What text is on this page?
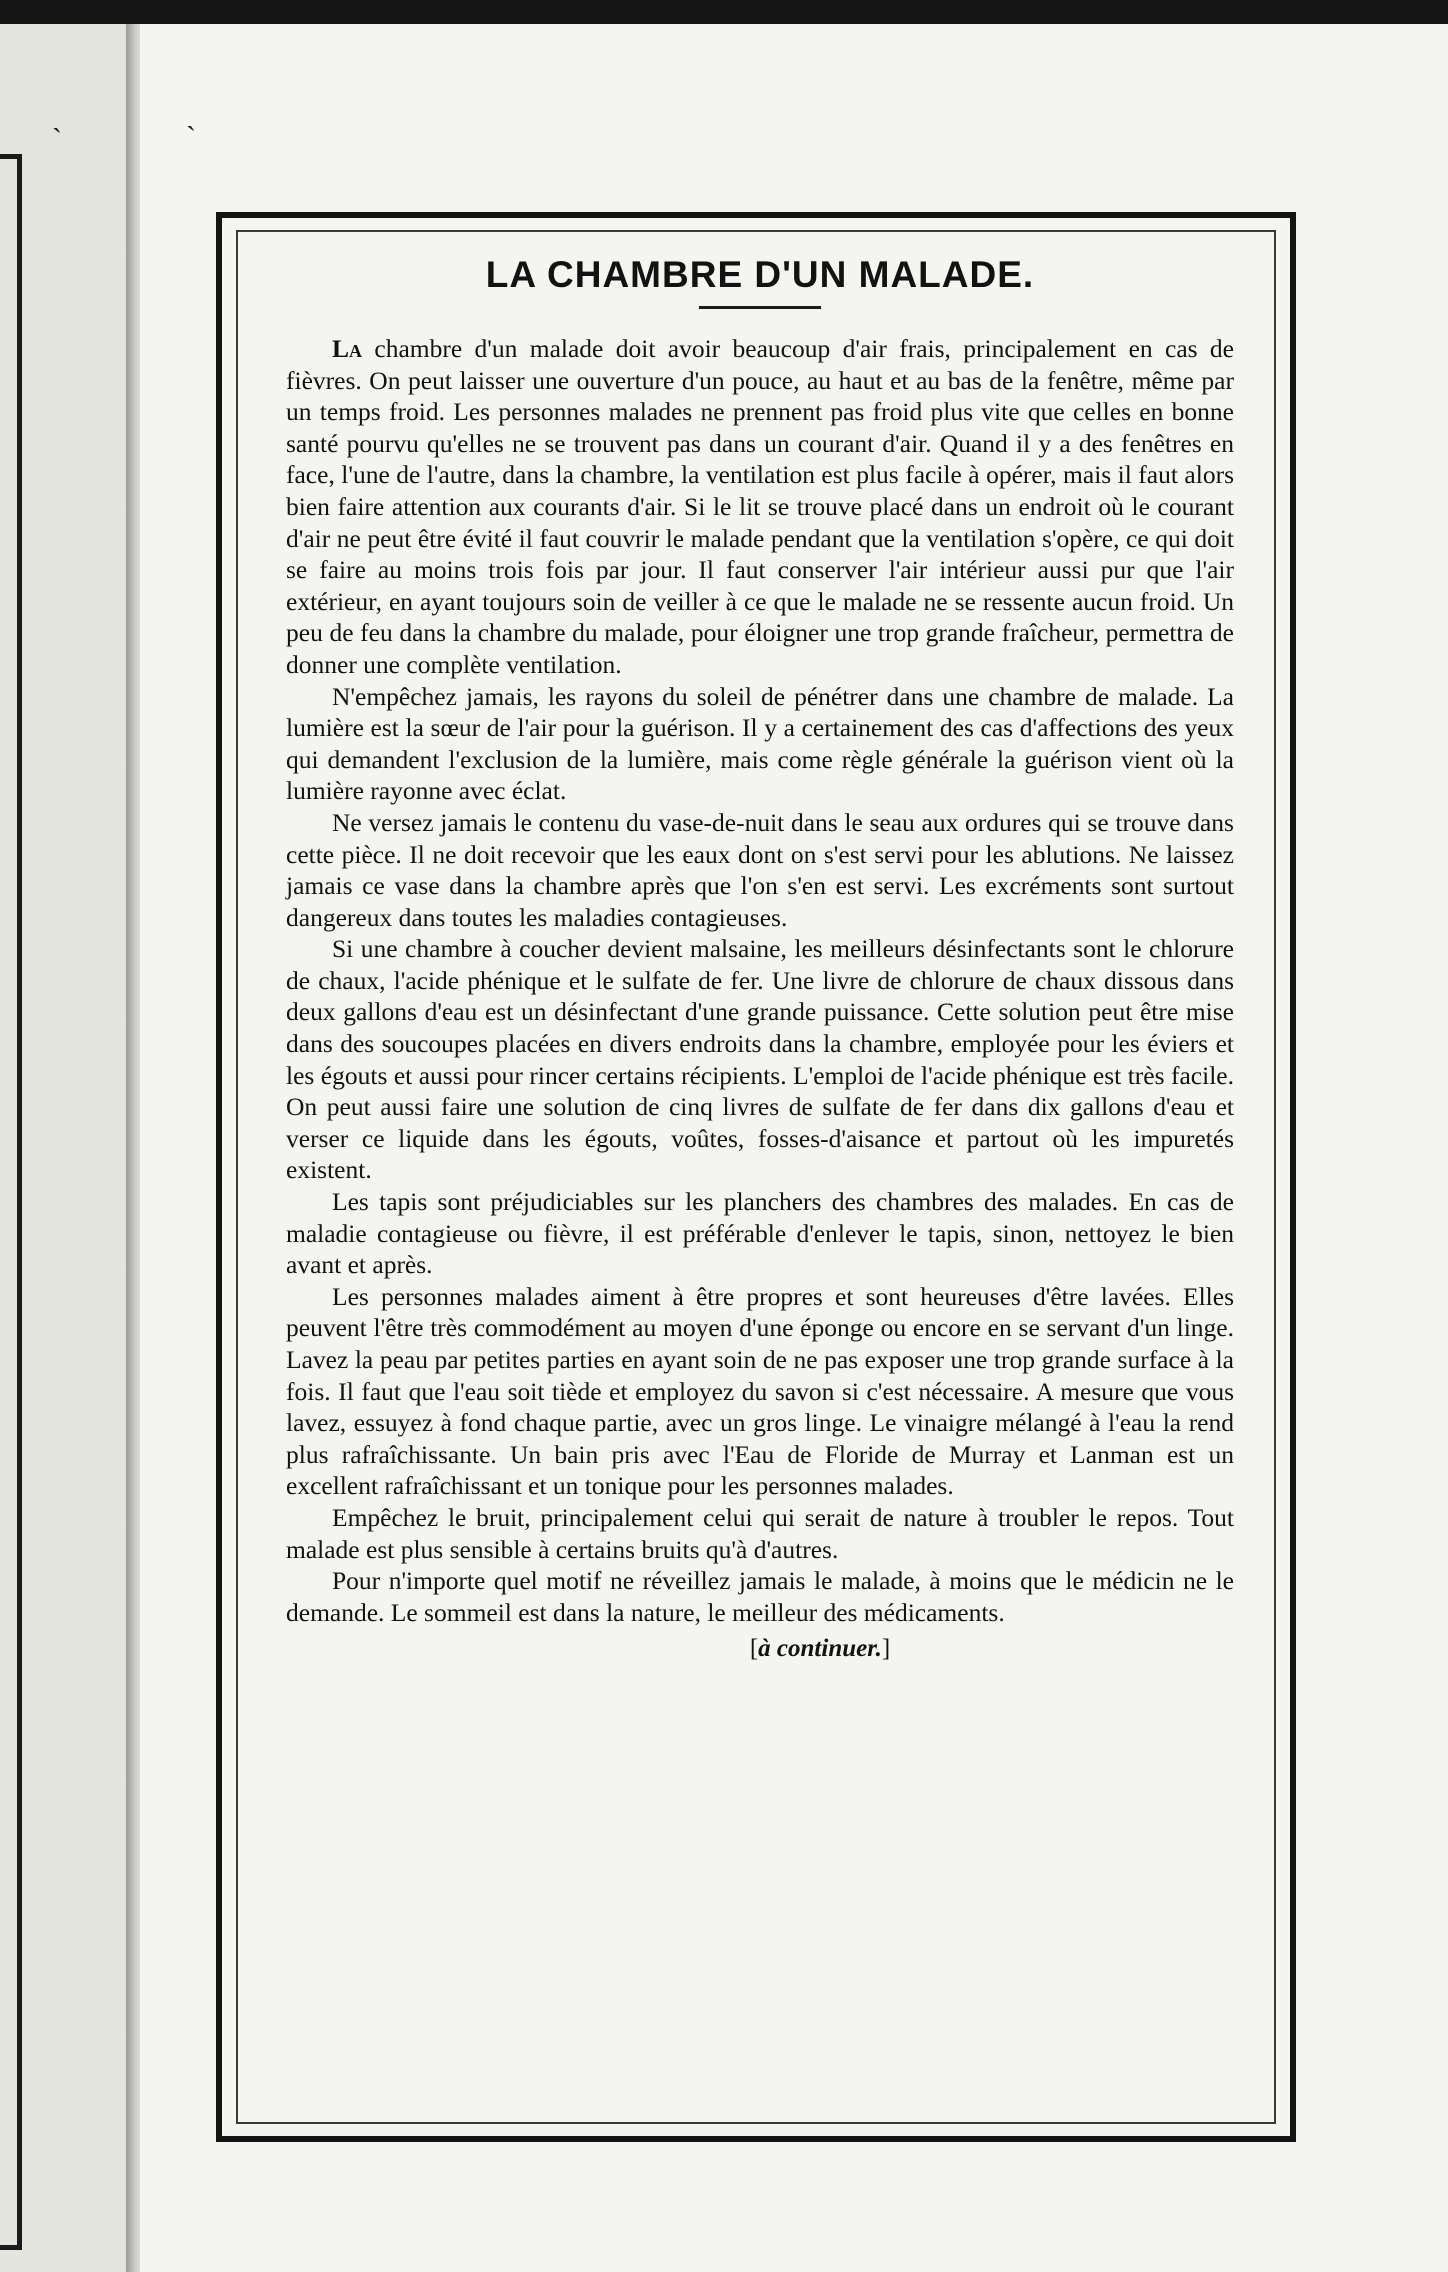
ˎ	ˏ
LA CHAMBRE D'UN MALADE.

La chambre d'un malade doit avoir beaucoup d'air frais, principalement en cas de fièvres. On peut laisser une ouverture d'un pouce, au haut et au bas de la fenêtre, même par un temps froid. Les personnes malades ne prennent pas froid plus vite que celles en bonne santé pourvu qu'elles ne se trouvent pas dans un courant d'air. Quand il y a des fenêtres en face, l'une de l'autre, dans la chambre, la ventilation est plus facile à opérer, mais il faut alors bien faire attention aux courants d'air. Si le lit se trouve placé dans un endroit où le courant d'air ne peut être évité il faut couvrir le malade pendant que la ventilation s'opère, ce qui doit se faire au moins trois fois par jour. Il faut conserver l'air intérieur aussi pur que l'air extérieur, en ayant toujours soin de veiller à ce que le malade ne se ressente aucun froid. Un peu de feu dans la chambre du malade, pour éloigner une trop grande fraîcheur, permettra de donner une complète ventilation.

N'empêchez jamais, les rayons du soleil de pénétrer dans une chambre de malade. La lumière est la sœur de l'air pour la guérison. Il y a certainement des cas d'affections des yeux qui demandent l'exclusion de la lumière, mais come règle générale la guérison vient où la lumière rayonne avec éclat.

Ne versez jamais le contenu du vase-de-nuit dans le seau aux ordures qui se trouve dans cette pièce. Il ne doit recevoir que les eaux dont on s'est servi pour les ablutions. Ne laissez jamais ce vase dans la chambre après que l'on s'en est servi. Les excréments sont surtout dangereux dans toutes les maladies contagieuses.

Si une chambre à coucher devient malsaine, les meilleurs désinfectants sont le chlorure de chaux, l'acide phénique et le sulfate de fer. Une livre de chlorure de chaux dissous dans deux gallons d'eau est un désinfectant d'une grande puissance. Cette solution peut être mise dans des soucoupes placées en divers endroits dans la chambre, employée pour les éviers et les égouts et aussi pour rincer certains récipients. L'emploi de l'acide phénique est très facile. On peut aussi faire une solution de cinq livres de sulfate de fer dans dix gallons d'eau et verser ce liquide dans les égouts, voûtes, fosses-d'aisance et partout où les impuretés existent.

Les tapis sont préjudiciables sur les planchers des chambres des malades. En cas de maladie contagieuse ou fièvre, il est préférable d'enlever le tapis, sinon, nettoyez le bien avant et après.

Les personnes malades aiment à être propres et sont heureuses d'être lavées. Elles peuvent l'être très commodément au moyen d'une éponge ou encore en se servant d'un linge. Lavez la peau par petites parties en ayant soin de ne pas exposer une trop grande surface à la fois. Il faut que l'eau soit tiède et employez du savon si c'est nécessaire. A mesure que vous lavez, essuyez à fond chaque partie, avec un gros linge. Le vinaigre mélangé à l'eau la rend plus rafraîchissante. Un bain pris avec l'Eau de Floride de Murray et Lanman est un excellent rafraîchissant et un tonique pour les personnes malades.

Empêchez le bruit, principalement celui qui serait de nature à troubler le repos. Tout malade est plus sensible à certains bruits qu'à d'autres.

Pour n'importe quel motif ne réveillez jamais le malade, à moins que le médicin ne le demande. Le sommeil est dans la nature, le meilleur des médicaments.

[à continuer.]
